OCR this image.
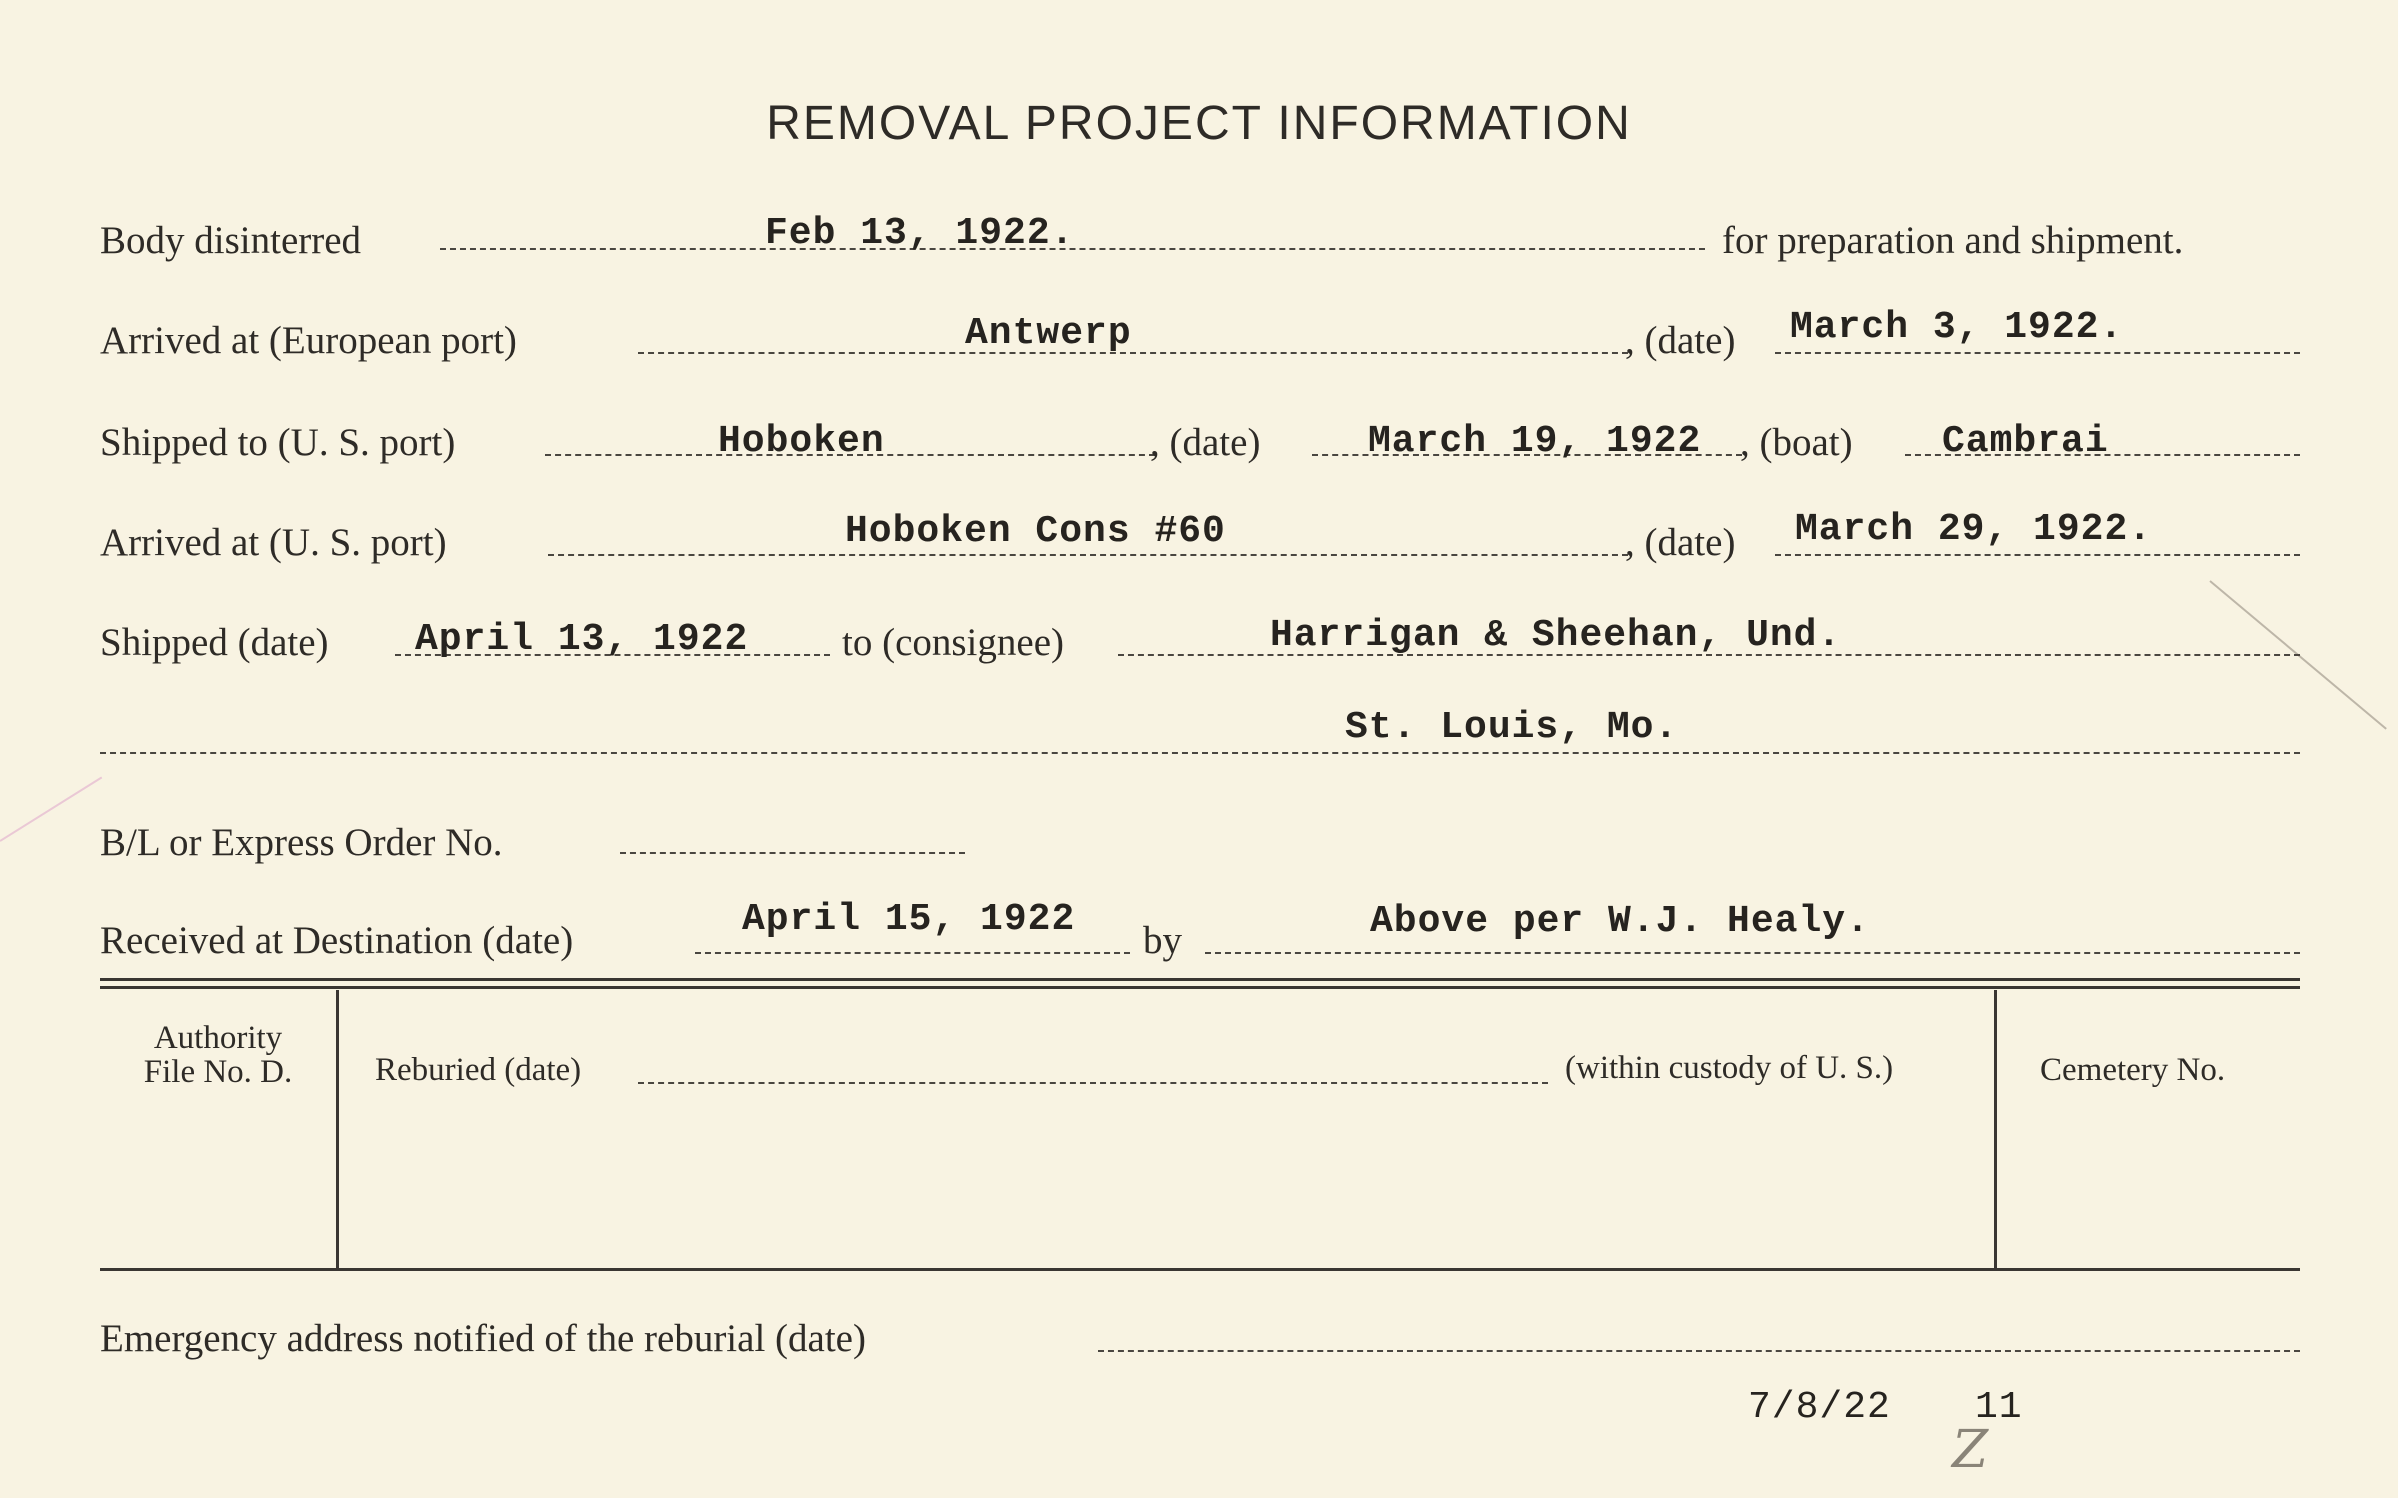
REMOVAL PROJECT INFORMATION
Body disinterred	Feb 13, 1922.	for preparation and shipment.
Arrived at (European port)	Antwerp	, (date) March 3, 1922.
Shipped to (U. S. port)	Hoboken	, (date)	March 19, 1922 , (boat) Cambrai
Arrived at (U. S. port)	Hoboken Cons #60	, (date) March 29, 1922.
Shipped (date) April 13, 1922 to (consignee)	Harrigan & Sheehan, Und.
St. Louis, Mo.
B/L or Express Order No.
Received at Destination (date)	April 15, 1922 by	Above per W.J. Healy.
Authority
File No. D.	Reburied (date)	(within custody of U. S.)	Cemetery No.
Emergency address notified of the reburial (date)
7/8/22 11
Z
